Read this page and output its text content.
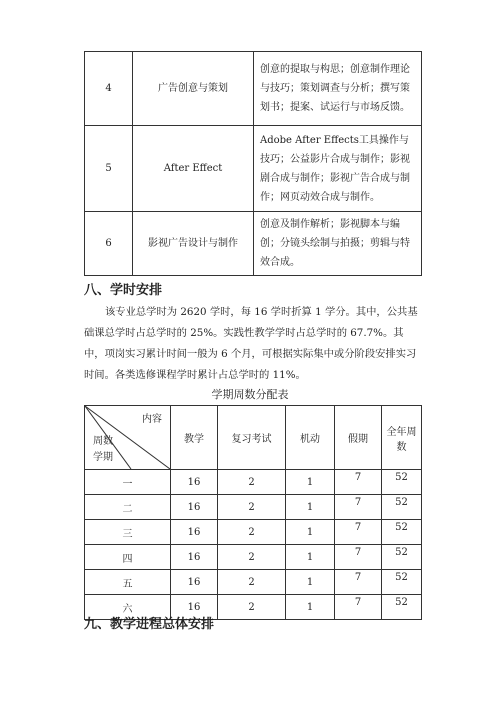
4	广告创意与策划	创意的提取与构思；创意制作理论与技巧；策划调查与分析；撰写策划书；提案、试运行与市场反馈。
5	After Effect	Adobe After Effects工具操作与技巧；公益影片合成与制作；影视剧合成与制作；影视广告合成与制作；网页动效合成与制作。
6	影视广告设计与制作	创意及制作解析；影视脚本与编创；分镜头绘制与拍摄；剪辑与特效合成。
八、学时安排

该专业总学时为 2620 学时，每 16 学时折算 1 学分。其中，公共基础课总学时占总学时的 25%。实践性教学学时占总学时的 67.7%。其中，项岗实习累计时间一般为 6 个月，可根据实际集中或分阶段安排实习时间。各类选修课程学时累计占总学时的 11%。

学期周数分配表

内容
周数
学期	教学	复习考试	机动	假期	全年周数
一	16	2	1	7	52
二	16	2	1	7	52
三	16	2	1	7	52
四	16	2	1	7	52
五	16	2	1	7	52
六	16	2	1	7	52
九、教学进程总体安排
